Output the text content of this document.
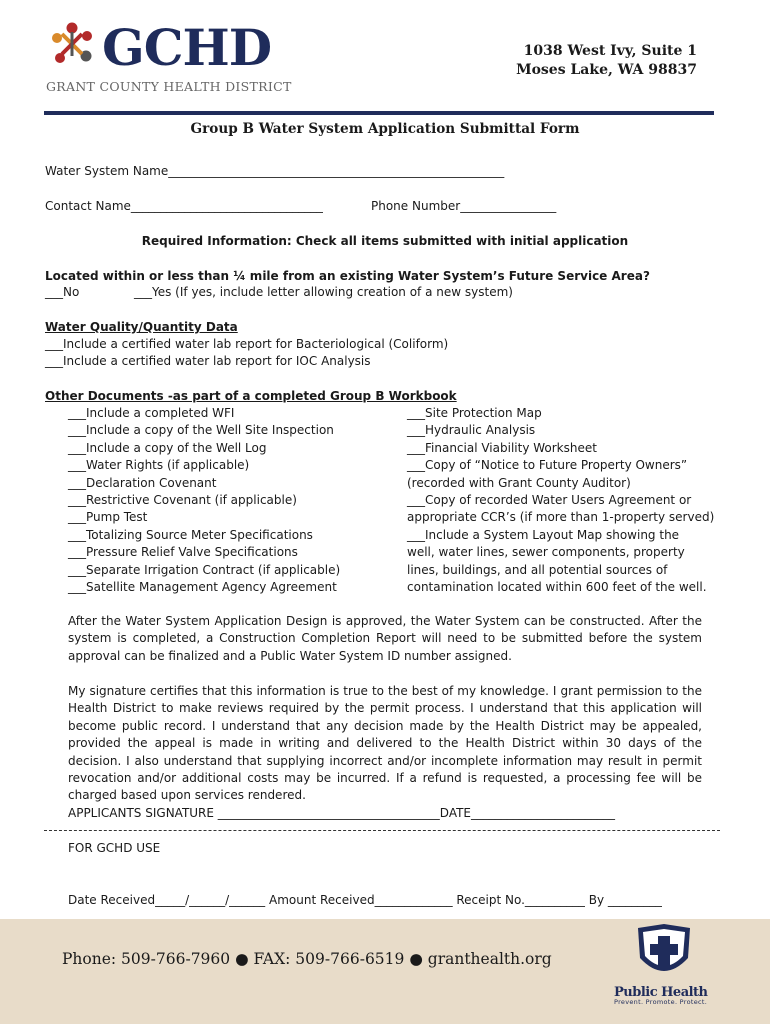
GCHD
GRANT COUNTY HEALTH DISTRICT
1038 West Ivy, Suite 1
Moses Lake, WA 98837
Group B Water System Application Submittal Form
Water System Name________________________________________________________
Contact Name________________________________	Phone Number________________
Required Information: Check all items submitted with initial application
Located within or less than ¼ mile from an existing Water System’s Future Service Area?
___No	___Yes (If yes, include letter allowing creation of a new system)
Water Quality/Quantity Data
___Include a certified water lab report for Bacteriological (Coliform)
___Include a certified water lab report for IOC Analysis
Other Documents -as part of a completed Group B Workbook
___Include a completed WFI
___Include a copy of the Well Site Inspection
___Include a copy of the Well Log
___Water Rights (if applicable)
___Declaration Covenant
___Restrictive Covenant (if applicable)
___Pump Test
___Totalizing Source Meter Specifications
___Pressure Relief Valve Specifications
___Separate Irrigation Contract (if applicable)
___Satellite Management Agency Agreement
___Site Protection Map
___Hydraulic Analysis
___Financial Viability Worksheet
___Copy of “Notice to Future Property Owners”
(recorded with Grant County Auditor)
___Copy of recorded Water Users Agreement or
appropriate CCR’s (if more than 1-property served)
___Include a System Layout Map showing the
well, water lines, sewer components, property
lines, buildings, and all potential sources of
contamination located within 600 feet of the well.
After the Water System Application Design is approved, the Water System can be constructed. After the system is completed, a Construction Completion Report will need to be submitted before the system approval can be finalized and a Public Water System ID number assigned.
My signature certifies that this information is true to the best of my knowledge. I grant permission to the Health District to make reviews required by the permit process. I understand that this application will become public record. I understand that any decision made by the Health District may be appealed, provided the appeal is made in writing and delivered to the Health District within 30 days of the decision. I also understand that supplying incorrect and/or incomplete information may result in permit revocation and/or additional costs may be incurred. If a refund is requested, a processing fee will be charged based upon services rendered.
APPLICANTS SIGNATURE _____________________________________DATE________________________
FOR GCHD USE
Date Received_____/______/______ Amount Received_____________ Receipt No.__________ By _________
Phone: 509-766-7960 ● FAX: 509-766-6519 ● granthealth.org
Public Health
Prevent. Promote. Protect.
